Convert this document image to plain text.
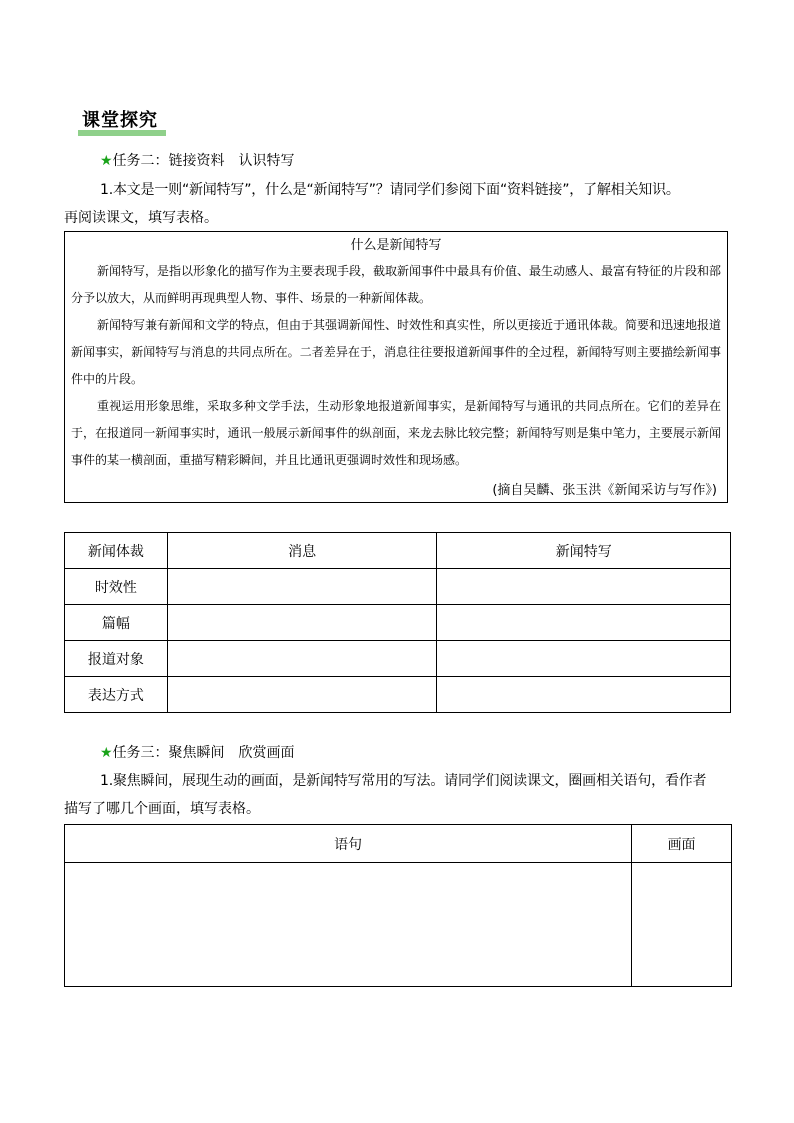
课堂探究
★任务二：链接资料　认识特写
1.本文是一则“新闻特写”，什么是“新闻特写”？请同学们参阅下面“资料链接”，了解相关知识。
再阅读课文，填写表格。
什么是新闻特写

新闻特写，是指以形象化的描写作为主要表现手段，截取新闻事件中最具有价值、最生动感人、最富有特征的片段和部分予以放大，从而鲜明再现典型人物、事件、场景的一种新闻体裁。

新闻特写兼有新闻和文学的特点，但由于其强调新闻性、时效性和真实性，所以更接近于通讯体裁。简要和迅速地报道新闻事实，新闻特写与消息的共同点所在。二者差异在于，消息往往要报道新闻事件的全过程，新闻特写则主要描绘新闻事件中的片段。

重视运用形象思维，采取多种文学手法，生动形象地报道新闻事实，是新闻特写与通讯的共同点所在。它们的差异在于，在报道同一新闻事实时，通讯一般展示新闻事件的纵剖面，来龙去脉比较完整；新闻特写则是集中笔力，主要展示新闻事件的某一横剖面，重描写精彩瞬间，并且比通讯更强调时效性和现场感。

(摘自吴麟、张玉洪《新闻采访与写作》)
新闻体裁	消息	新闻特写
时效性		
篇幅		
报道对象		
表达方式		
★任务三：聚焦瞬间　欣赏画面
1.聚焦瞬间，展现生动的画面，是新闻特写常用的写法。请同学们阅读课文，圈画相关语句，看作者
描写了哪几个画面，填写表格。
语句	画面
